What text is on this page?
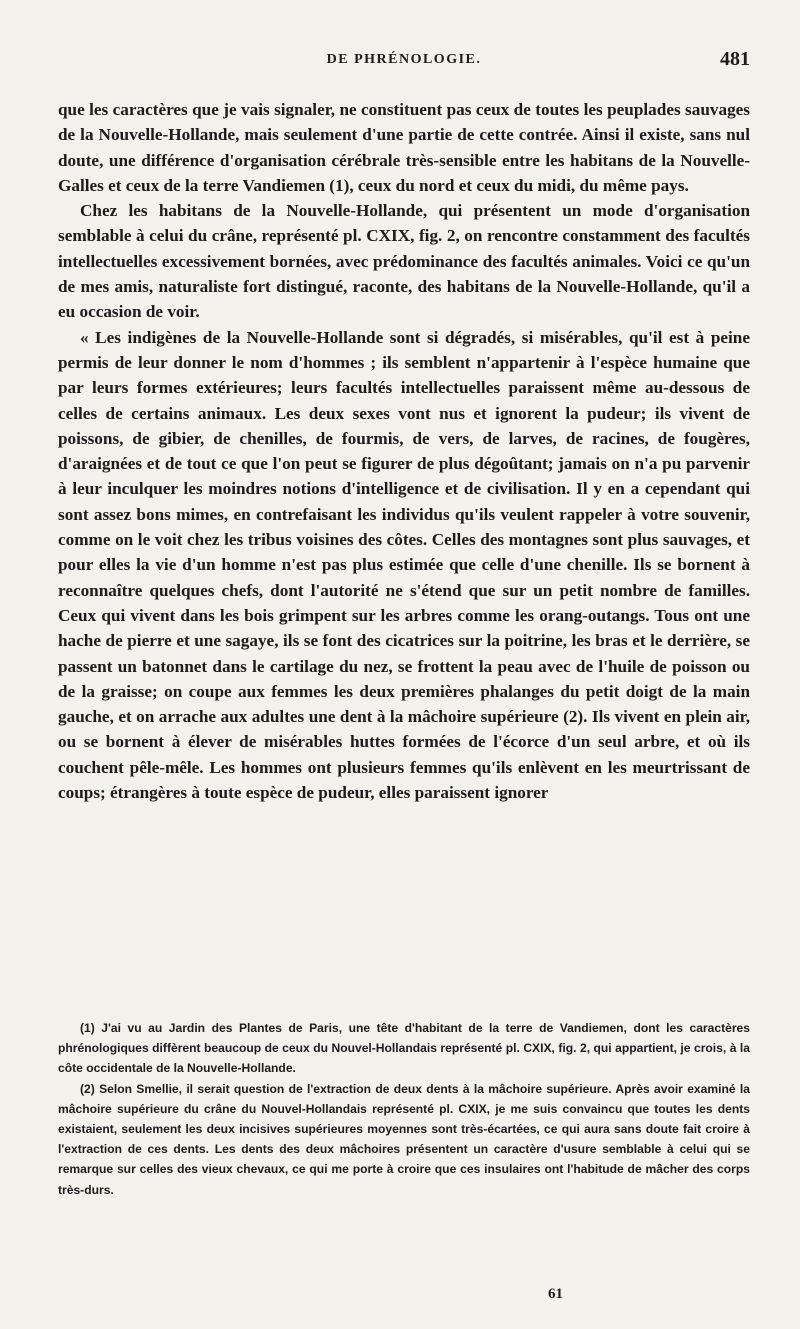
DE PHRÉNOLOGIE.	481

que les caractères que je vais signaler, ne constituent pas ceux de toutes les peuplades sauvages de la Nouvelle-Hollande, mais seulement d'une partie de cette contrée. Ainsi il existe, sans nul doute, une différence d'organisation cérébrale très-sensible entre les habitans de la Nouvelle-Galles et ceux de la terre Vandiemen (1), ceux du nord et ceux du midi, du même pays.

Chez les habitans de la Nouvelle-Hollande, qui présentent un mode d'organisation semblable à celui du crâne, représenté pl. CXIX, fig. 2, on rencontre constamment des facultés intellectuelles excessivement bornées, avec prédominance des facultés animales. Voici ce qu'un de mes amis, naturaliste fort distingué, raconte, des habitans de la Nouvelle-Hollande, qu'il a eu occasion de voir.

« Les indigènes de la Nouvelle-Hollande sont si dégradés, si misérables, qu'il est à peine permis de leur donner le nom d'hommes ; ils semblent n'appartenir à l'espèce humaine que par leurs formes extérieures; leurs facultés intellectuelles paraissent même au-dessous de celles de certains animaux. Les deux sexes vont nus et ignorent la pudeur; ils vivent de poissons, de gibier, de chenilles, de fourmis, de vers, de larves, de racines, de fougères, d'araignées et de tout ce que l'on peut se figurer de plus dégoûtant; jamais on n'a pu parvenir à leur inculquer les moindres notions d'intelligence et de civilisation. Il y en a cependant qui sont assez bons mimes, en contrefaisant les individus qu'ils veulent rappeler à votre souvenir, comme on le voit chez les tribus voisines des côtes. Celles des montagnes sont plus sauvages, et pour elles la vie d'un homme n'est pas plus estimée que celle d'une chenille. Ils se bornent à reconnaître quelques chefs, dont l'autorité ne s'étend que sur un petit nombre de familles. Ceux qui vivent dans les bois grimpent sur les arbres comme les orang-outangs. Tous ont une hache de pierre et une sagaye, ils se font des cicatrices sur la poitrine, les bras et le derrière, se passent un batonnet dans le cartilage du nez, se frottent la peau avec de l'huile de poisson ou de la graisse; on coupe aux femmes les deux premières phalanges du petit doigt de la main gauche, et on arrache aux adultes une dent à la mâchoire supérieure (2). Ils vivent en plein air, ou se bornent à élever de misérables huttes formées de l'écorce d'un seul arbre, et où ils couchent pêle-mêle. Les hommes ont plusieurs femmes qu'ils enlèvent en les meurtrissant de coups; étrangères à toute espèce de pudeur, elles paraissent ignorer

(1) J'ai vu au Jardin des Plantes de Paris, une tête d'habitant de la terre de Vandiemen, dont les caractères phrénologiques diffèrent beaucoup de ceux du Nouvel-Hollandais représenté pl. CXIX, fig. 2, qui appartient, je crois, à la côte occidentale de la Nouvelle-Hollande.

(2) Selon Smellie, il serait question de l'extraction de deux dents à la mâchoire supérieure. Après avoir examiné la mâchoire supérieure du crâne du Nouvel-Hollandais représenté pl. CXIX, je me suis convaincu que toutes les dents existaient, seulement les deux incisives supérieures moyennes sont très-écartées, ce qui aura sans doute fait croire à l'extraction de ces dents. Les dents des deux mâchoires présentent un caractère d'usure semblable à celui qui se remarque sur celles des vieux chevaux, ce qui me porte à croire que ces insulaires ont l'habitude de mâcher des corps très-durs.

61
